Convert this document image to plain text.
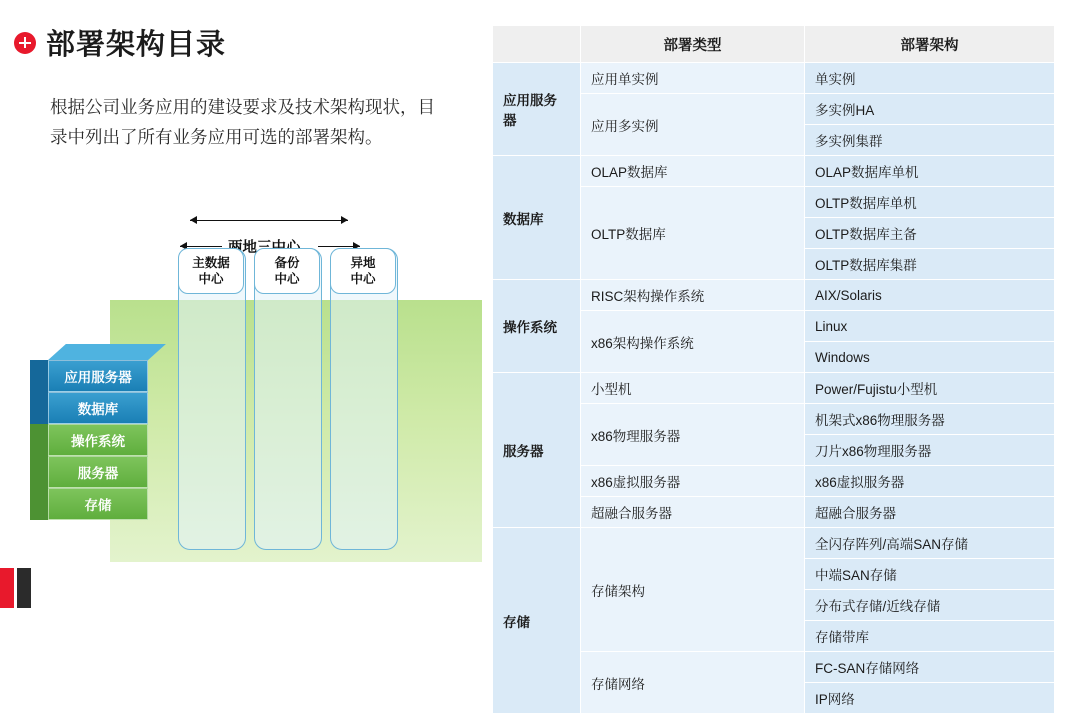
部署架构目录
根据公司业务应用的建设要求及技术架构现状，目录中列出了所有业务应用可选的部署架构。
主数据
中心
备份
中心
异地
中心
应用服务器
数据库
操作系统
服务器
存储
	部署类型	部署架构
应用服务器	应用单实例	单实例
	应用多实例	多实例HA
		多实例集群
数据库	OLAP数据库	OLAP数据库单机
	OLTP数据库	OLTP数据库单机
		OLTP数据库主备
		OLTP数据库集群
操作系统	RISC架构操作系统	AIX/Solaris
	x86架构操作系统	Linux
		Windows
服务器	小型机	Power/Fujistu小型机
	x86物理服务器	机架式x86物理服务器
		刀片x86物理服务器
	x86虚拟服务器	x86虚拟服务器
	超融合服务器	超融合服务器
存储	存储架构	全闪存阵列/高端SAN存储
		中端SAN存储
		分布式存储/近线存储
		存储带库
	存储网络	FC-SAN存储网络
		IP网络
